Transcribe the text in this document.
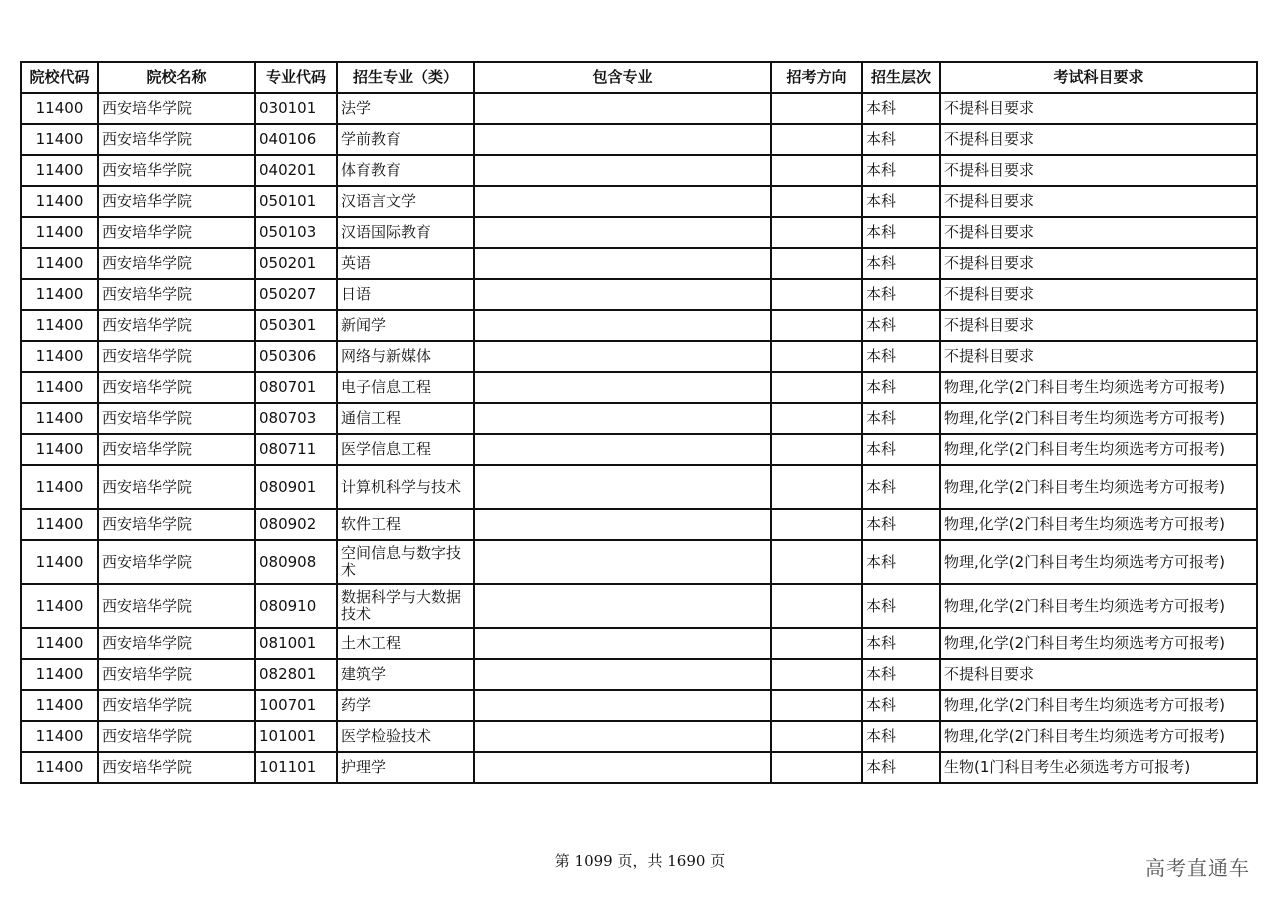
院校代码	院校名称	专业代码	招生专业（类）	包含专业	招考方向	招生层次	考试科目要求
11400	西安培华学院	030101	法学			本科	不提科目要求
11400	西安培华学院	040106	学前教育			本科	不提科目要求
11400	西安培华学院	040201	体育教育			本科	不提科目要求
11400	西安培华学院	050101	汉语言文学			本科	不提科目要求
11400	西安培华学院	050103	汉语国际教育			本科	不提科目要求
11400	西安培华学院	050201	英语			本科	不提科目要求
11400	西安培华学院	050207	日语			本科	不提科目要求
11400	西安培华学院	050301	新闻学			本科	不提科目要求
11400	西安培华学院	050306	网络与新媒体			本科	不提科目要求
11400	西安培华学院	080701	电子信息工程			本科	物理,化学(2门科目考生均须选考方可报考)
11400	西安培华学院	080703	通信工程			本科	物理,化学(2门科目考生均须选考方可报考)
11400	西安培华学院	080711	医学信息工程			本科	物理,化学(2门科目考生均须选考方可报考)
11400	西安培华学院	080901	计算机科学与技术			本科	物理,化学(2门科目考生均须选考方可报考)
11400	西安培华学院	080902	软件工程			本科	物理,化学(2门科目考生均须选考方可报考)
11400	西安培华学院	080908	空间信息与数字技术			本科	物理,化学(2门科目考生均须选考方可报考)
11400	西安培华学院	080910	数据科学与大数据技术			本科	物理,化学(2门科目考生均须选考方可报考)
11400	西安培华学院	081001	土木工程			本科	物理,化学(2门科目考生均须选考方可报考)
11400	西安培华学院	082801	建筑学			本科	不提科目要求
11400	西安培华学院	100701	药学			本科	物理,化学(2门科目考生均须选考方可报考)
11400	西安培华学院	101001	医学检验技术			本科	物理,化学(2门科目考生均须选考方可报考)
11400	西安培华学院	101101	护理学			本科	生物(1门科目考生必须选考方可报考)
第 1099 页，共 1690 页	高考直通车
